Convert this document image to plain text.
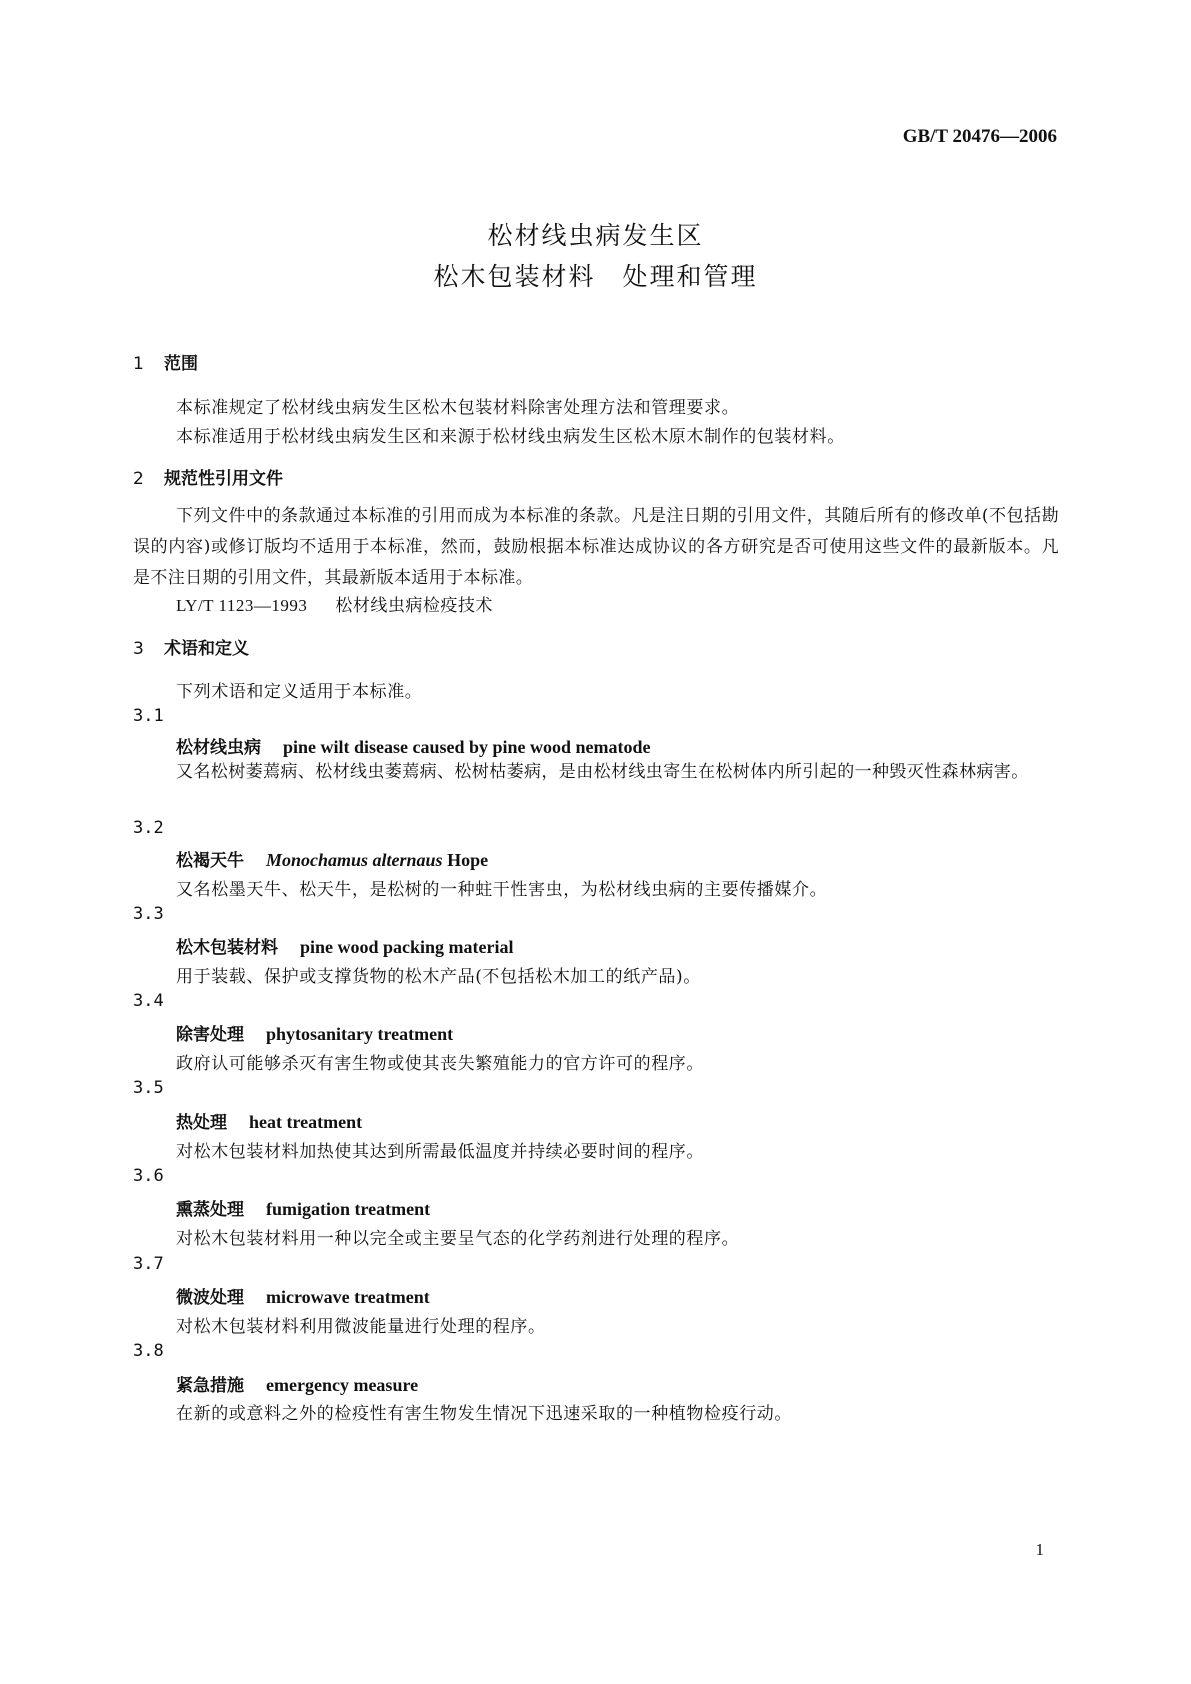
GB/T 20476—2006
松材线虫病发生区
松木包装材料　处理和管理
1 范围
本标准规定了松材线虫病发生区松木包装材料除害处理方法和管理要求。
本标准适用于松材线虫病发生区和来源于松材线虫病发生区松木原木制作的包装材料。
2 规范性引用文件
下列文件中的条款通过本标准的引用而成为本标准的条款。凡是注日期的引用文件，其随后所有的修改单(不包括勘误的内容)或修订版均不适用于本标准，然而，鼓励根据本标准达成协议的各方研究是否可使用这些文件的最新版本。凡是不注日期的引用文件，其最新版本适用于本标准。
LY/T 1123—1993 松材线虫病检疫技术
3 术语和定义
下列术语和定义适用于本标准。
3.1
松材线虫病 pine wilt disease caused by pine wood nematode
又名松树萎蔫病、松材线虫萎蔫病、松树枯萎病，是由松材线虫寄生在松树体内所引起的一种毁灭性森林病害。
3.2
松褐天牛 Monochamus alternaus Hope
又名松墨天牛、松天牛，是松树的一种蛀干性害虫，为松材线虫病的主要传播媒介。
3.3
松木包装材料 pine wood packing material
用于装载、保护或支撑货物的松木产品(不包括松木加工的纸产品)。
3.4
除害处理 phytosanitary treatment
政府认可能够杀灭有害生物或使其丧失繁殖能力的官方许可的程序。
3.5
热处理 heat treatment
对松木包装材料加热使其达到所需最低温度并持续必要时间的程序。
3.6
熏蒸处理 fumigation treatment
对松木包装材料用一种以完全或主要呈气态的化学药剂进行处理的程序。
3.7
微波处理 microwave treatment
对松木包装材料利用微波能量进行处理的程序。
3.8
紧急措施 emergency measure
在新的或意料之外的检疫性有害生物发生情况下迅速采取的一种植物检疫行动。
1
